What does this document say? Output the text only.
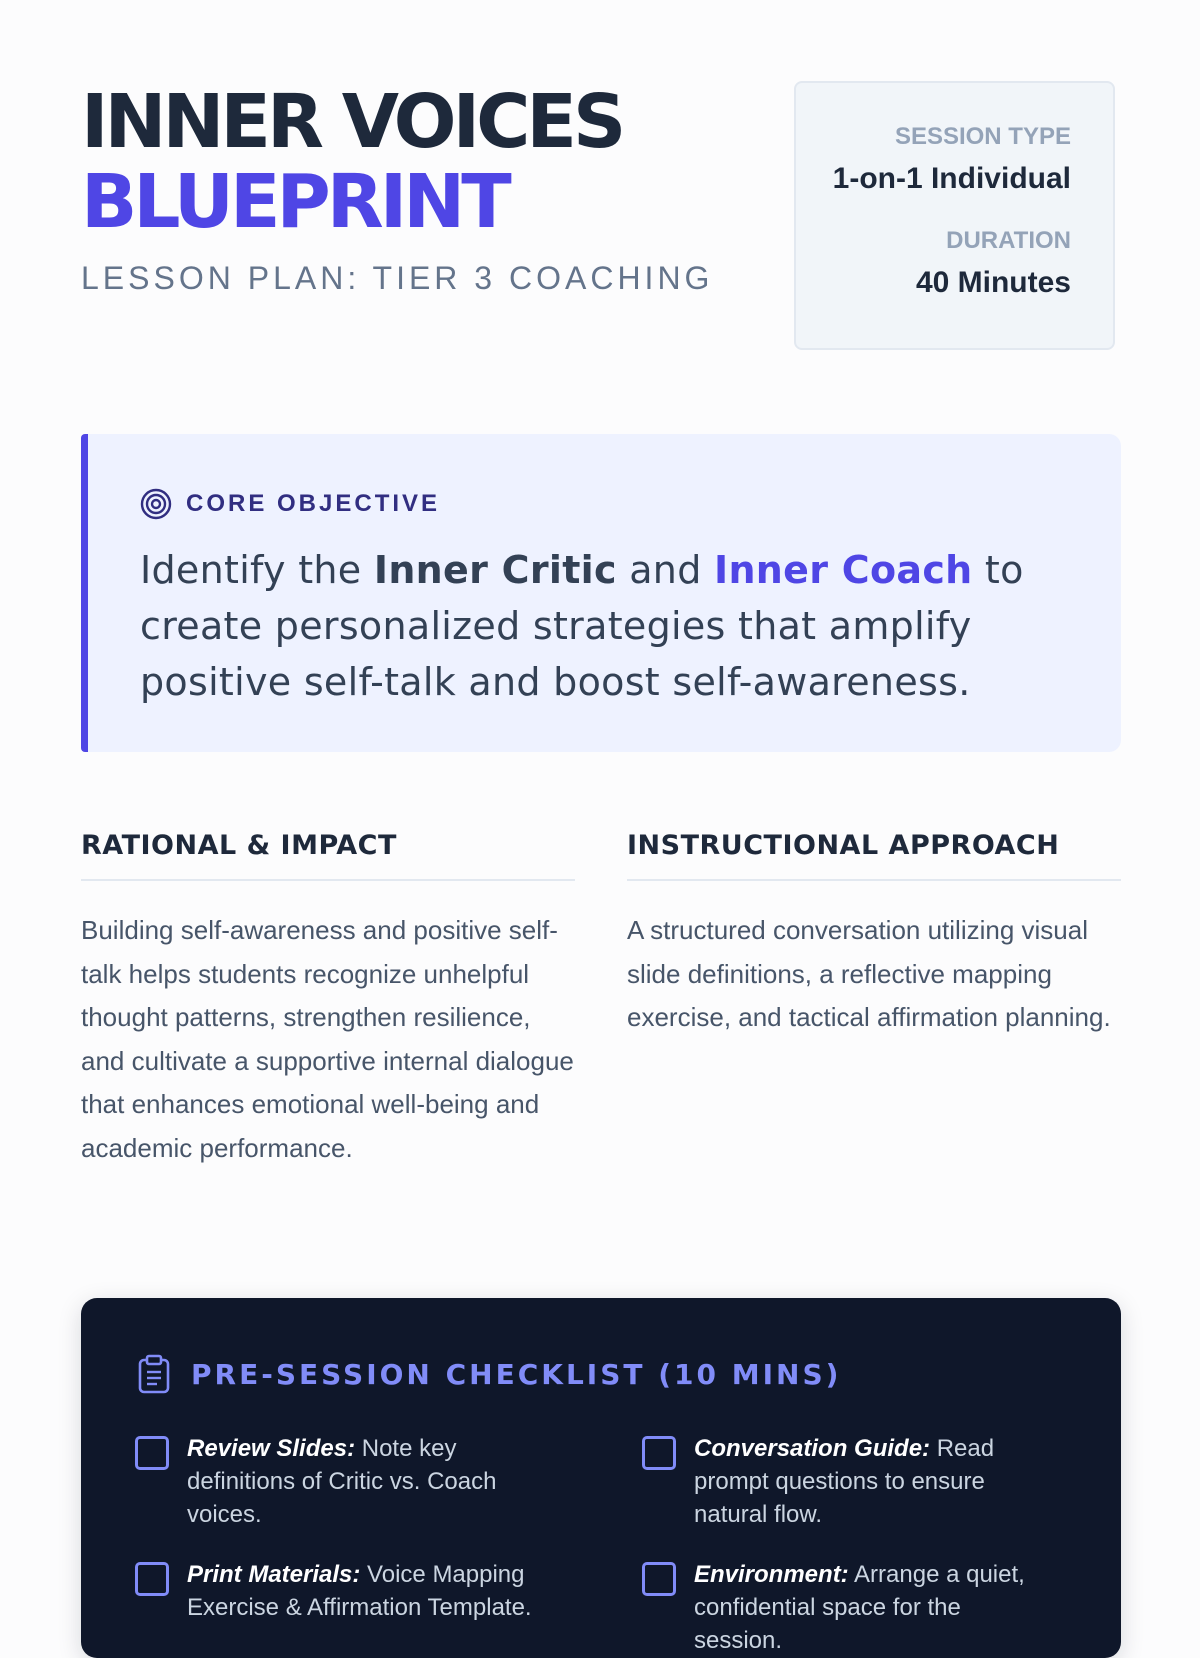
INNER VOICES
BLUEPRINT
LESSON PLAN: TIER 3 COACHING
SESSION TYPE
1-on-1 Individual
DURATION
40 Minutes
CORE OBJECTIVE
Identify the Inner Critic and Inner Coach to create personalized strategies that amplify positive self-talk and boost self-awareness.
RATIONAL & IMPACT
Building self-awareness and positive self-talk helps students recognize unhelpful thought patterns, strengthen resilience, and cultivate a supportive internal dialogue that enhances emotional well-being and academic performance.
INSTRUCTIONAL APPROACH
A structured conversation utilizing visual slide definitions, a reflective mapping exercise, and tactical affirmation planning.
PRE-SESSION CHECKLIST (10 MINS)
Review Slides: Note key definitions of Critic vs. Coach voices.
Conversation Guide: Read prompt questions to ensure natural flow.
Print Materials: Voice Mapping Exercise & Affirmation Template.
Environment: Arrange a quiet, confidential space for the session.
